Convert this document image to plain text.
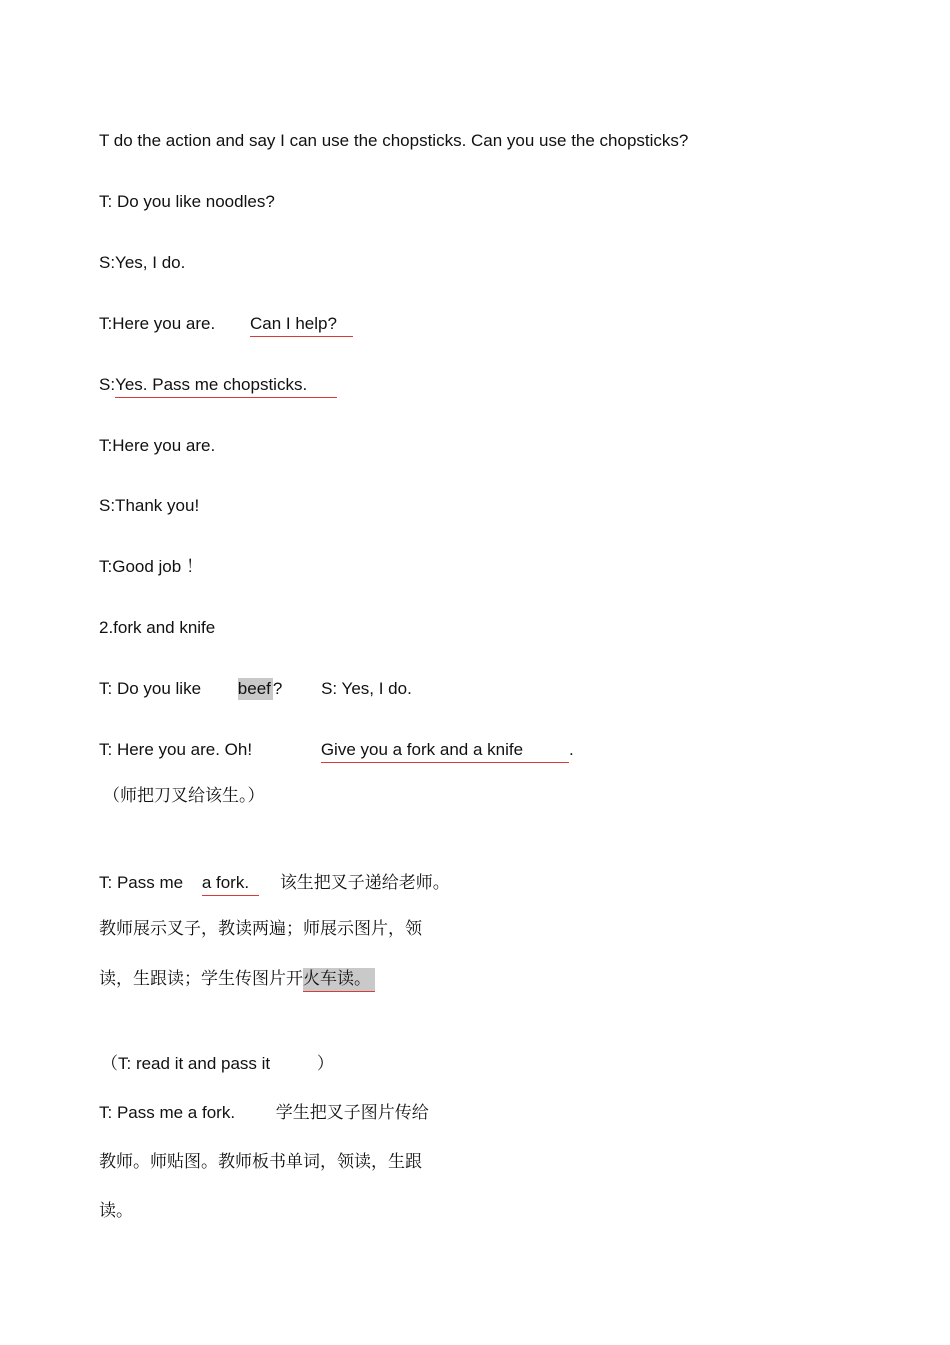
T do the action and say I can use the chopsticks. Can you use the chopsticks?
T: Do you like noodles?
S:Yes, I do.
T:Here you are. Can I help?
S:Yes. Pass me chopsticks.
T:Here you are.
S:Thank you!
T:Good job ！
2.fork and knife
T: Do you like beef ? S: Yes, I do.
T: Here you are. Oh!	Give you a fork and a knife	.
（师把刀叉给该生。）
T: Pass me a fork. 该生把叉子递给老师。
教师展示叉子，教读两遍；师展示图片，领
读，生跟读；学生传图片开火车读。
（T: read it and pass it	）
T: Pass me a fork. 学生把叉子图片传给
教师。师贴图。教师板书单词，领读，生跟
读。
